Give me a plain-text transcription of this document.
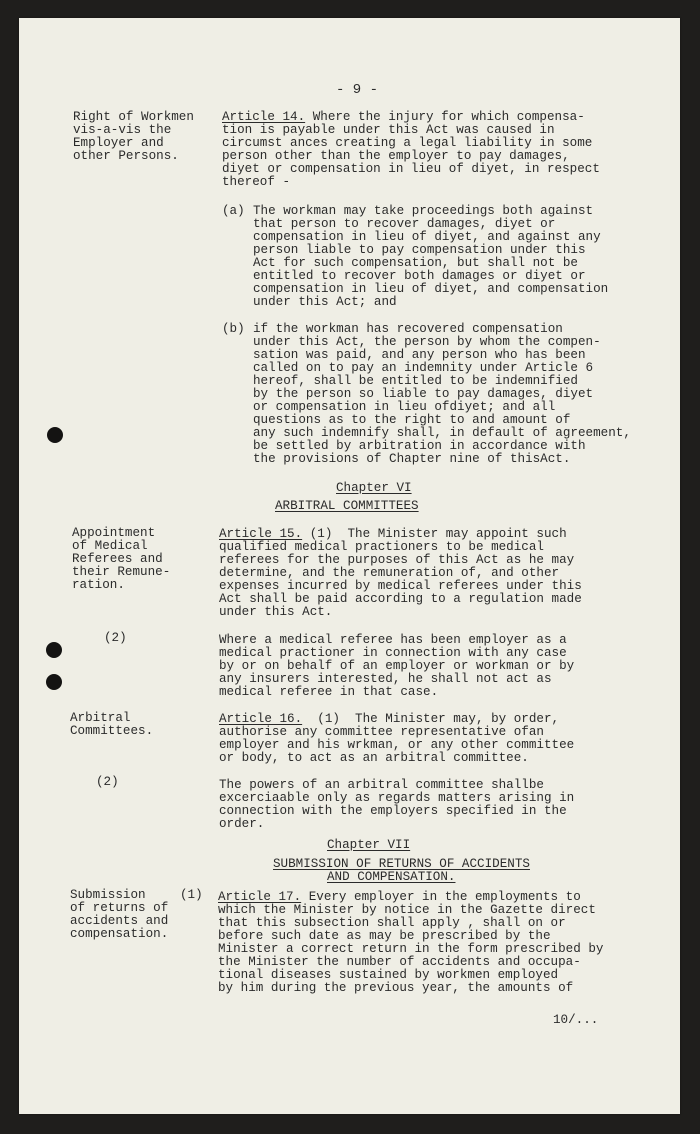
- 9 -
Right of Workmen
vis-a-vis the
Employer and
other Persons.
Article 14. Where the injury for which compensa-
tion is payable under this Act was caused in
circumst ances creating a legal liability in some
person other than the employer to pay damages,
diyet or compensation in lieu of diyet, in respect
thereof -
(a) The workman may take proceedings both against
that person to recover damages, diyet or
compensation in lieu of diyet, and against any
person liable to pay compensation under this
Act for such compensation, but shall not be
entitled to recover both damages or diyet or
compensation in lieu of diyet, and compensation
under this Act; and
(b) if the workman has recovered compensation
under this Act, the person by whom the compen-
sation was paid, and any person who has been
called on to pay an indemnity under Article 6
hereof, shall be entitled to be indemnified
by the person so liable to pay damages, diyet
or compensation in lieu ofdiyet; and all
questions as to the right to and amount of
any such indemnify shall, in default of agreement,
be settled by arbitration in accordance with
the provisions of Chapter nine of thisAct.
Chapter VI
ARBITRAL COMMITTEES
Appointment
of Medical
Referees and
their Remune-
ration.
Article 15. (1)  The Minister may appoint such
qualified medical practioners to be medical
referees for the purposes of this Act as he may
determine, and the remuneration of, and other
expenses incurred by medical referees under this
Act shall be paid according to a regulation made
under this Act.
(2)	Where a medical referee has been employer as a
medical practioner in connection with any case
by or on behalf of an employer or workman or by
any insurers interested, he shall not act as
medical referee in that case.
Arbitral
Committees.
Article 16.  (1)  The Minister may, by order,
authorise any committee representative ofan
employer and his wrkman, or any other committee
or body, to act as an arbitral committee.
(2)	The powers of an arbitral committee shallbe
excerciaable only as regards matters arising in
connection with the employers specified in the
order.
Chapter VII
SUBMISSION OF RETURNS OF ACCIDENTS
AND COMPENSATION.
Submission
of returns of
accidents and
compensation.
(1) Article 17. Every employer in the employments to
which the Minister by notice in the Gazette direct
that this subsection shall apply , shall on or
before such date as may be prescribed by the
Minister a correct return in the form prescribed by
the Minister the number of accidents and occupa-
tional diseases sustained by workmen employed
by him during the previous year, the amounts of
10/...
